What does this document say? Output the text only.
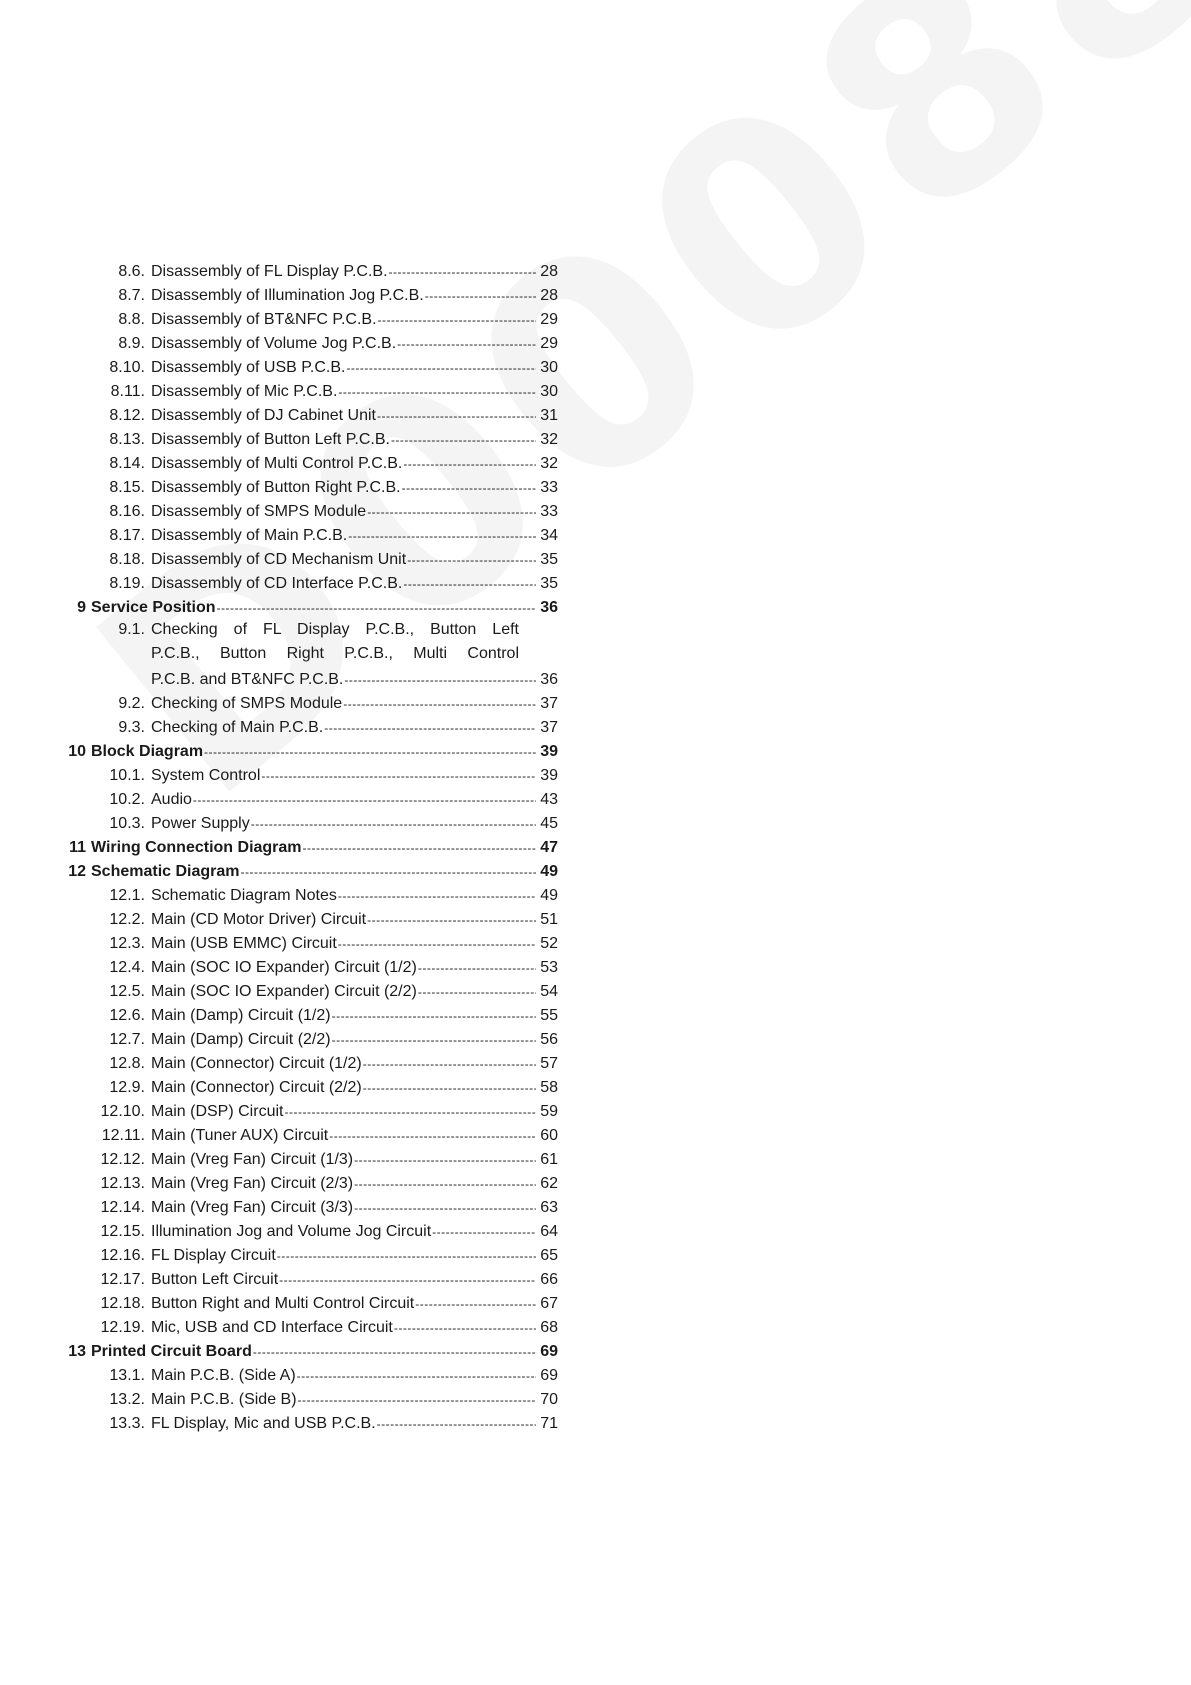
8.6. Disassembly of FL Display P.C.B. -----	28
8.7. Disassembly of Illumination Jog P.C.B. -----	28
8.8. Disassembly of BT&NFC P.C.B. -----	29
8.9. Disassembly of Volume Jog P.C.B. -----	29
8.10. Disassembly of USB P.C.B. -----	30
8.11. Disassembly of Mic P.C.B. -----	30
8.12. Disassembly of DJ Cabinet Unit -----	31
8.13. Disassembly of Button Left P.C.B. -----	32
8.14. Disassembly of Multi Control P.C.B. -----	32
8.15. Disassembly of Button Right P.C.B. -----	33
8.16. Disassembly of SMPS Module -----	33
8.17. Disassembly of Main P.C.B. -----	34
8.18. Disassembly of CD Mechanism Unit -----	35
8.19. Disassembly of CD Interface P.C.B. -----	35
9 Service Position -----	36
9.1. Checking of FL Display P.C.B., Button Left
P.C.B., Button Right P.C.B., Multi Control
P.C.B. and BT&NFC P.C.B. -----	36
9.2. Checking of SMPS Module -----	37
9.3. Checking of Main P.C.B. -----	37
10 Block Diagram -----	39
10.1. System Control -----	39
10.2. Audio -----	43
10.3. Power Supply -----	45
11 Wiring Connection Diagram -----	47
12 Schematic Diagram -----	49
12.1. Schematic Diagram Notes -----	49
12.2. Main (CD Motor Driver) Circuit -----	51
12.3. Main (USB EMMC) Circuit -----	52
12.4. Main (SOC IO Expander) Circuit (1/2) -----	53
12.5. Main (SOC IO Expander) Circuit (2/2) -----	54
12.6. Main (Damp) Circuit (1/2) -----	55
12.7. Main (Damp) Circuit (2/2) -----	56
12.8. Main (Connector) Circuit (1/2) -----	57
12.9. Main (Connector) Circuit (2/2) -----	58
12.10. Main (DSP) Circuit -----	59
12.11. Main (Tuner AUX) Circuit -----	60
12.12. Main (Vreg Fan) Circuit (1/3) -----	61
12.13. Main (Vreg Fan) Circuit (2/3) -----	62
12.14. Main (Vreg Fan) Circuit (3/3) -----	63
12.15. Illumination Jog and Volume Jog Circuit -----	64
12.16. FL Display Circuit -----	65
12.17. Button Left Circuit -----	66
12.18. Button Right and Multi Control Circuit -----	67
12.19. Mic, USB and CD Interface Circuit -----	68
13 Printed Circuit Board -----	69
13.1. Main P.C.B. (Side A) -----	69
13.2. Main P.C.B. (Side B) -----	70
13.3. FL Display, Mic and USB P.C.B. -----	71
